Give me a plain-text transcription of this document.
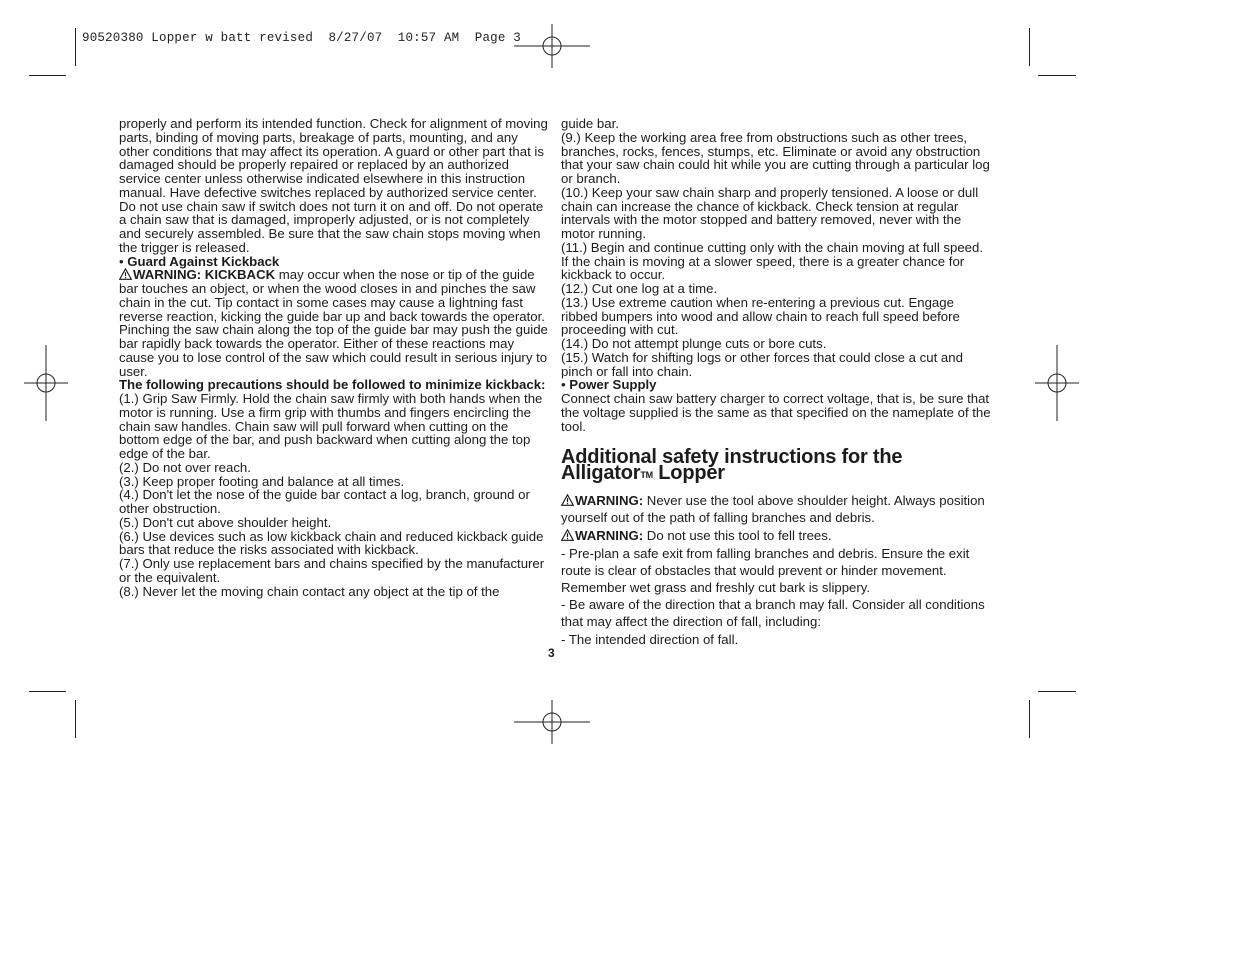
90520380 Lopper w batt revised  8/27/07  10:57 AM  Page 3

properly and perform its intended function. Check for alignment of moving parts, binding of moving parts, breakage of parts, mounting, and any other conditions that may affect its operation. A guard or other part that is damaged should be properly repaired or replaced by an authorized service center unless otherwise indicated elsewhere in this instruction manual. Have defective switches replaced by authorized service center. Do not use chain saw if switch does not turn it on and off. Do not operate a chain saw that is damaged, improperly adjusted, or is not completely and securely assembled. Be sure that the saw chain stops moving when the trigger is released.

• Guard Against Kickback

WARNING: KICKBACK may occur when the nose or tip of the guide bar touches an object, or when the wood closes in and pinches the saw chain in the cut. Tip contact in some cases may cause a lightning fast reverse reaction, kicking the guide bar up and back towards the operator. Pinching the saw chain along the top of the guide bar may push the guide bar rapidly back towards the operator. Either of these reactions may cause you to lose control of the saw which could result in serious injury to user.

The following precautions should be followed to minimize kickback:

(1.) Grip Saw Firmly. Hold the chain saw firmly with both hands when the motor is running. Use a firm grip with thumbs and fingers encircling the chain saw handles. Chain saw will pull forward when cutting on the bottom edge of the bar, and push backward when cutting along the top edge of the bar.

(2.) Do not over reach.

(3.) Keep proper footing and balance at all times.

(4.) Don't let the nose of the guide bar contact a log, branch, ground or other obstruction.

(5.) Don't cut above shoulder height.

(6.) Use devices such as low kickback chain and reduced kickback guide bars that reduce the risks associated with kickback.

(7.) Only use replacement bars and chains specified by the manufacturer or the equivalent.

(8.) Never let the moving chain contact any object at the tip of the

guide bar.

(9.) Keep the working area free from obstructions such as other trees, branches, rocks, fences, stumps, etc. Eliminate or avoid any obstruction that your saw chain could hit while you are cutting through a particular log or branch.

(10.) Keep your saw chain sharp and properly tensioned. A loose or dull chain can increase the chance of kickback. Check tension at regular intervals with the motor stopped and battery removed, never with the motor running.

(11.) Begin and continue cutting only with the chain moving at full speed. If the chain is moving at a slower speed, there is a greater chance for kickback to occur.

(12.) Cut one log at a time.

(13.) Use extreme caution when re-entering a previous cut. Engage ribbed bumpers into wood and allow chain to reach full speed before proceeding with cut.

(14.) Do not attempt plunge cuts or bore cuts.

(15.) Watch for shifting logs or other forces that could close a cut and pinch or fall into chain.

• Power Supply

Connect chain saw battery charger to correct voltage, that is, be sure that the voltage supplied is the same as that specified on the nameplate of the tool.

Additional safety instructions for the AlligatorTM Lopper

WARNING: Never use the tool above shoulder height. Always position yourself out of the path of falling branches and debris.

WARNING: Do not use this tool to fell trees.

- Pre-plan a safe exit from falling branches and debris. Ensure the exit route is clear of obstacles that would prevent or hinder movement. Remember wet grass and freshly cut bark is slippery.

- Be aware of the direction that a branch may fall. Consider all conditions that may affect the direction of fall, including:

- The intended direction of fall.

3
